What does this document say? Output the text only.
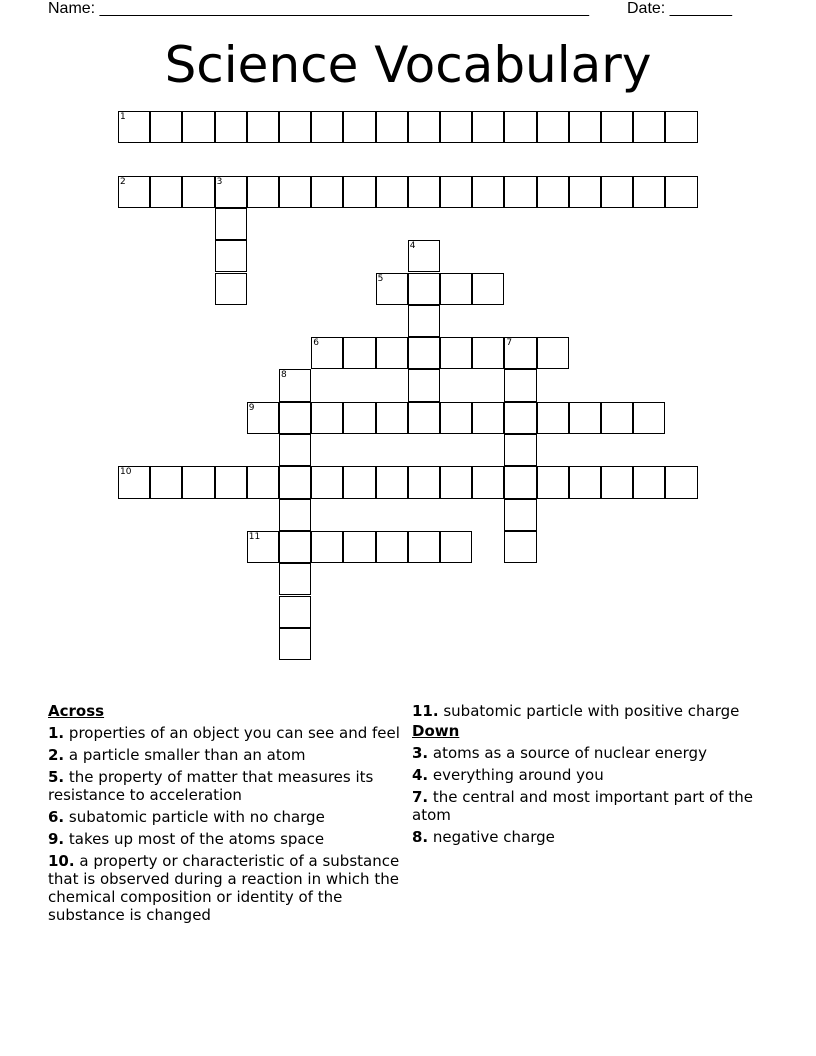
Name: _______________________________________________________ Date: _______
Science Vocabulary
1
2	3
4
5
6	7
8
9
10
11
Across
1. properties of an object you can see and feel
2. a particle smaller than an atom
5. the property of matter that measures its resistance to acceleration
6. subatomic particle with no charge
9. takes up most of the atoms space
10. a property or characteristic of a substance that is observed during a reaction in which the chemical composition or identity of the substance is changed
11. subatomic particle with positive charge
Down
3. atoms as a source of nuclear energy
4. everything around you
7. the central and most important part of the atom
8. negative charge
